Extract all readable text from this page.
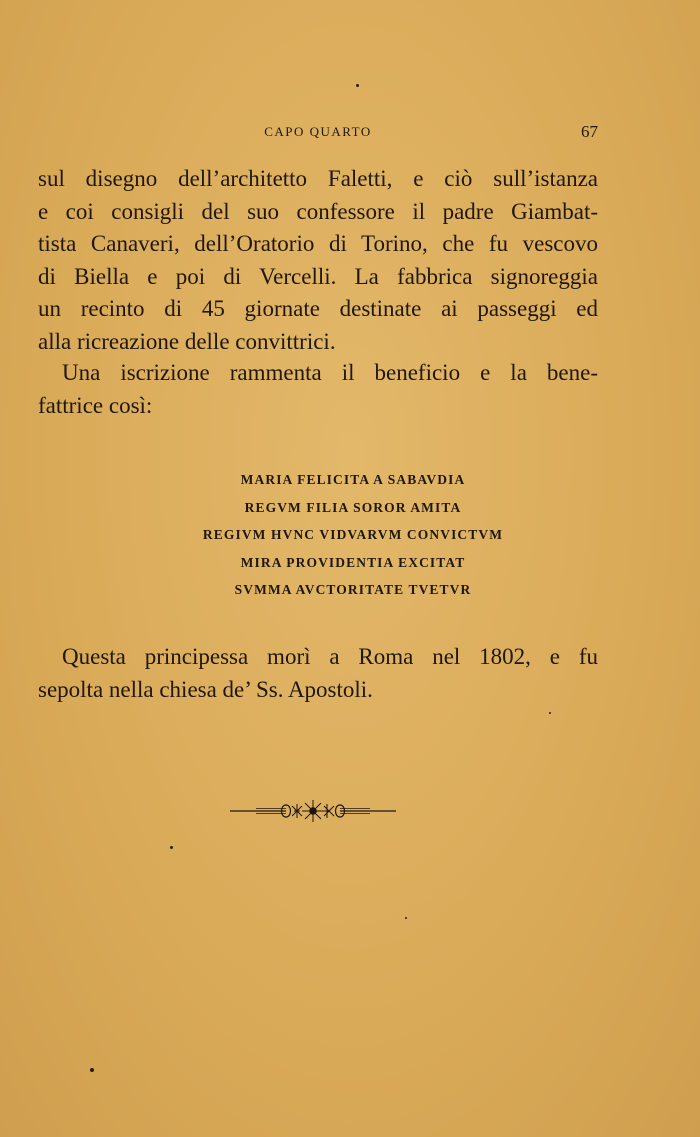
CAPO QUARTO	67

sul disegno dell’architetto Faletti, e ciò sull’istanza
e coi consigli del suo confessore il padre Giambat-
tista Canaveri, dell’Oratorio di Torino, che fu vescovo
di Biella e poi di Vercelli. La fabbrica signoreggia
un recinto di 45 giornate destinate ai passeggi ed
alla ricreazione delle convittrici.

Una iscrizione rammenta il beneficio e la bene-
fattrice così:

MARIA FELICITA A SABAVDIA
REGVM FILIA SOROR AMITA
REGIVM HVNC VIDVARVM CONVICTVM
MIRA PROVIDENTIA EXCITAT
SVMMA AVCTORITATE TVETVR

Questa principessa morì a Roma nel 1802, e fu
sepolta nella chiesa de’ Ss. Apostoli.
